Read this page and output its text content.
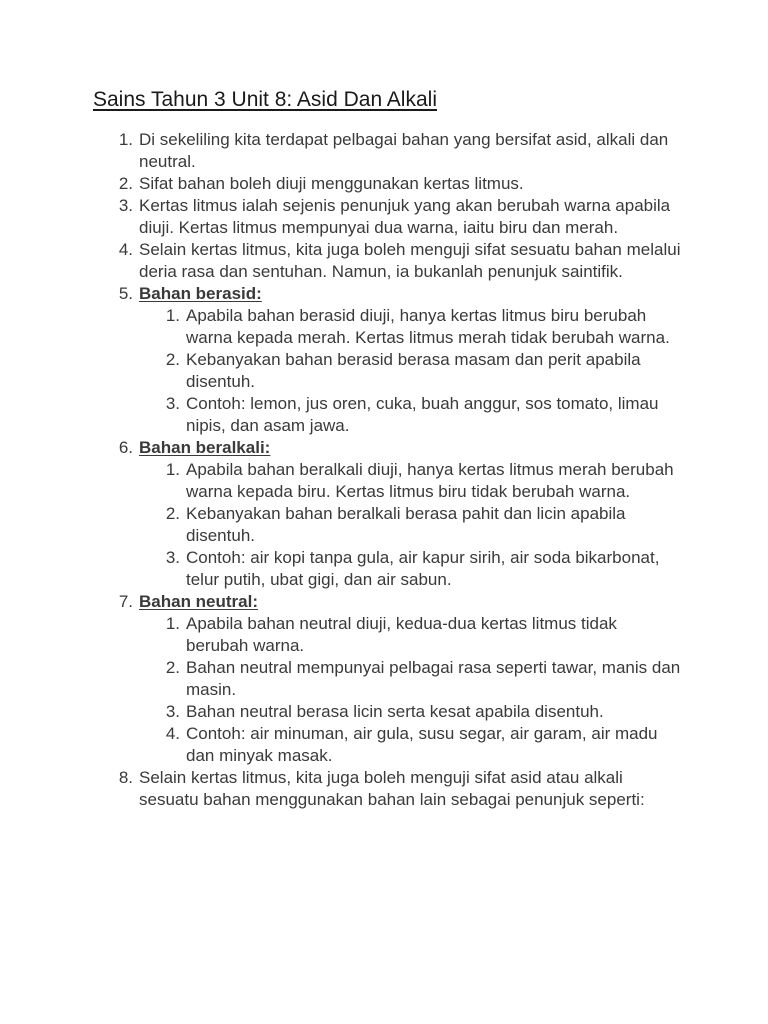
Sains Tahun 3 Unit 8: Asid Dan Alkali
1. Di sekeliling kita terdapat pelbagai bahan yang bersifat asid, alkali dan neutral.
2. Sifat bahan boleh diuji menggunakan kertas litmus.
3. Kertas litmus ialah sejenis penunjuk yang akan berubah warna apabila diuji. Kertas litmus mempunyai dua warna, iaitu biru dan merah.
4. Selain kertas litmus, kita juga boleh menguji sifat sesuatu bahan melalui deria rasa dan sentuhan. Namun, ia bukanlah penunjuk saintifik.
5. Bahan berasid:
1. Apabila bahan berasid diuji, hanya kertas litmus biru berubah warna kepada merah. Kertas litmus merah tidak berubah warna.
2. Kebanyakan bahan berasid berasa masam dan perit apabila disentuh.
3. Contoh: lemon, jus oren, cuka, buah anggur, sos tomato, limau nipis, dan asam jawa.
6. Bahan beralkali:
1. Apabila bahan beralkali diuji, hanya kertas litmus merah berubah warna kepada biru. Kertas litmus biru tidak berubah warna.
2. Kebanyakan bahan beralkali berasa pahit dan licin apabila disentuh.
3. Contoh: air kopi tanpa gula, air kapur sirih, air soda bikarbonat, telur putih, ubat gigi, dan air sabun.
7. Bahan neutral:
1. Apabila bahan neutral diuji, kedua-dua kertas litmus tidak berubah warna.
2. Bahan neutral mempunyai pelbagai rasa seperti tawar, manis dan masin.
3. Bahan neutral berasa licin serta kesat apabila disentuh.
4. Contoh: air minuman, air gula, susu segar, air garam, air madu dan minyak masak.
8. Selain kertas litmus, kita juga boleh menguji sifat asid atau alkali sesuatu bahan menggunakan bahan lain sebagai penunjuk seperti:
